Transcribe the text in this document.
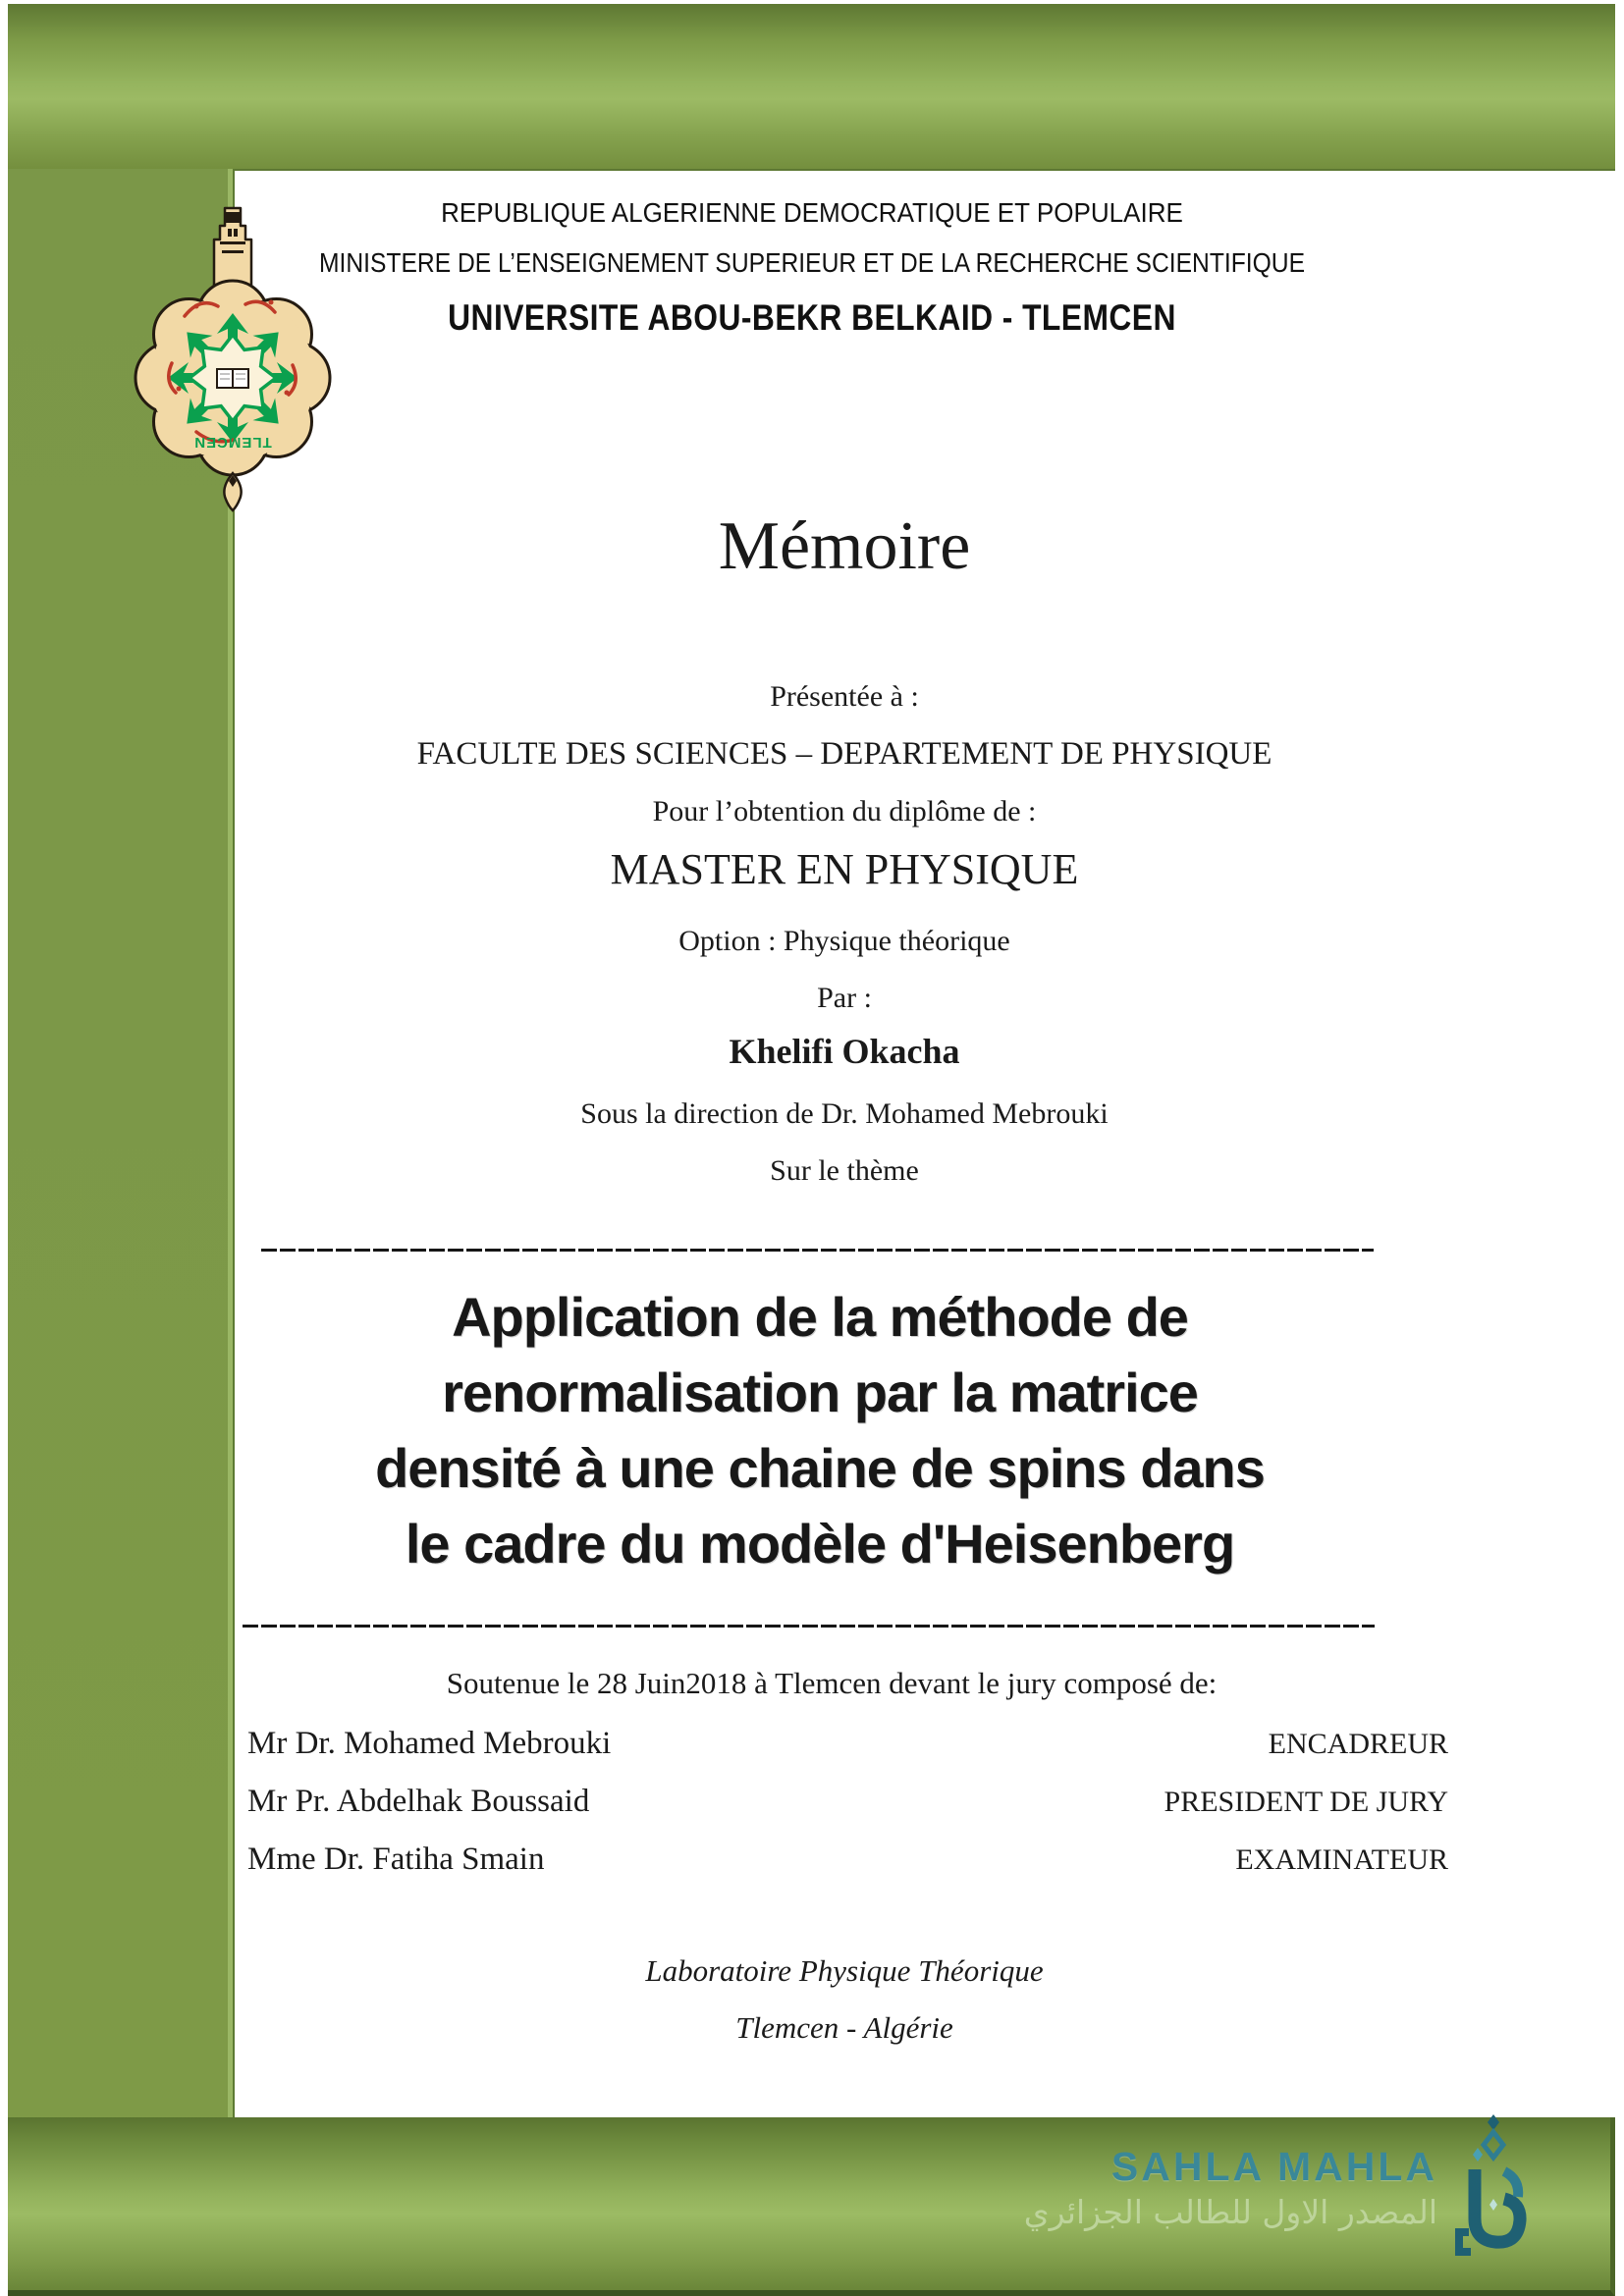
TLEMCEN
REPUBLIQUE ALGERIENNE DEMOCRATIQUE ET POPULAIRE
MINISTERE DE L’ENSEIGNEMENT SUPERIEUR ET DE LA RECHERCHE SCIENTIFIQUE
UNIVERSITE ABOU-BEKR BELKAID - TLEMCEN
Mémoire
Présentée à :
FACULTE DES SCIENCES – DEPARTEMENT DE PHYSIQUE
Pour l’obtention du diplôme de :
MASTER EN PHYSIQUE
Option : Physique théorique
Par :
Khelifi Okacha
Sous la direction de Dr. Mohamed Mebrouki
Sur le thème
Application de la méthode de
renormalisation par la matrice
densité à une chaine de spins dans
le cadre du modèle d'Heisenberg
Soutenue le 28 Juin2018 à Tlemcen devant le jury composé de:
Mr Dr. Mohamed Mebrouki	ENCADREUR
Mr Pr. Abdelhak Boussaid	PRESIDENT DE JURY
Mme Dr. Fatiha Smain	EXAMINATEUR
Laboratoire Physique Théorique
Tlemcen - Algérie
SAHLA MAHLA
المصدر الاول للطالب الجزائري
